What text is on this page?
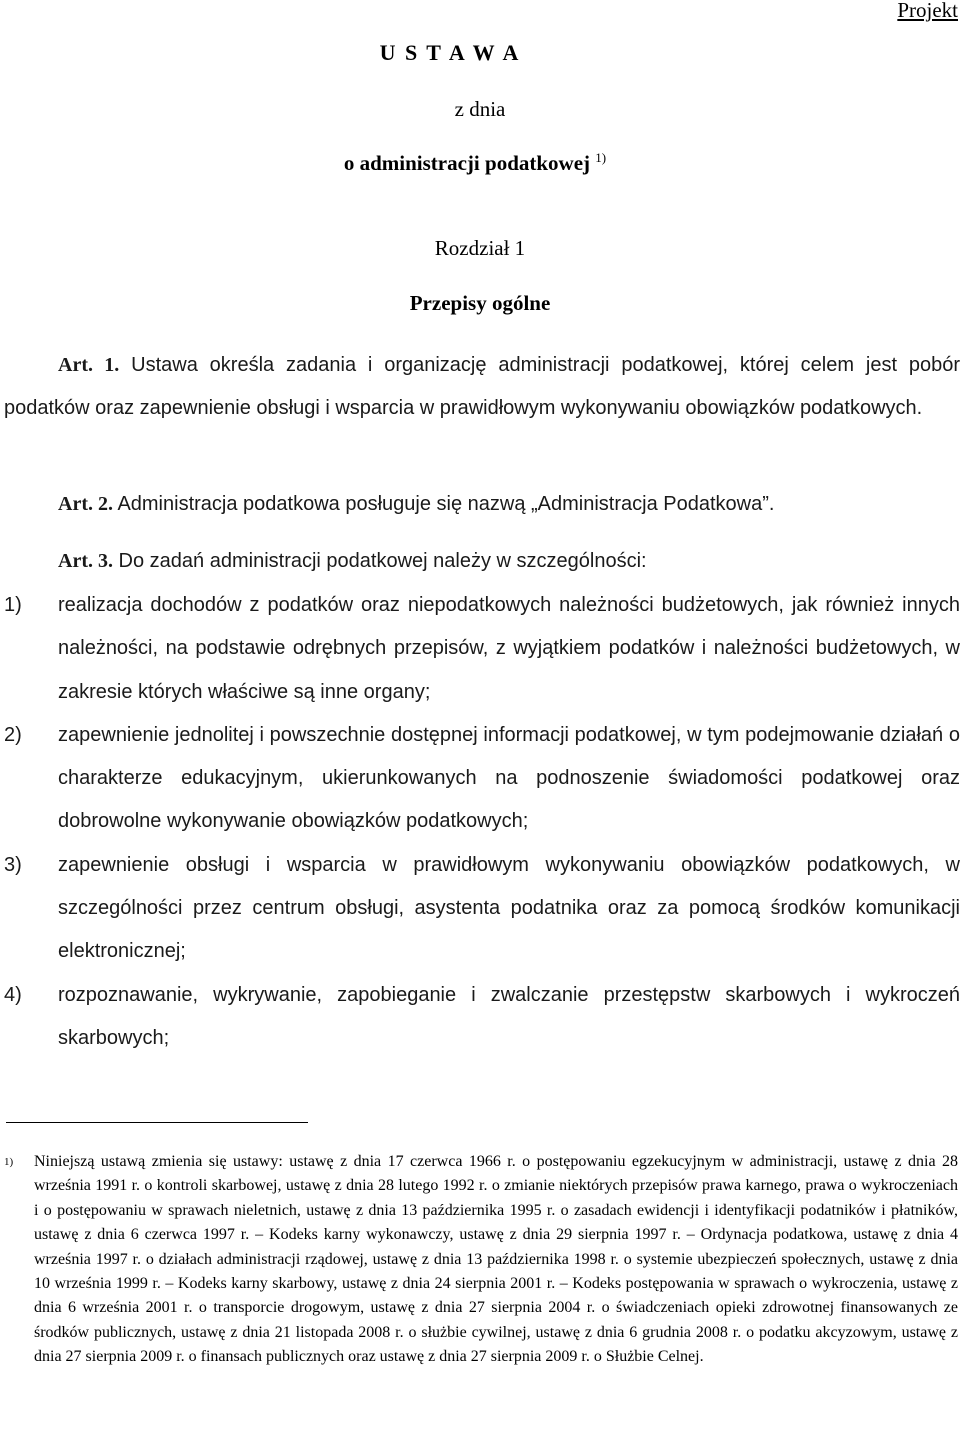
Projekt
U S T A W A
z dnia
o administracji podatkowej $^{1)}$
Rozdział 1
Przepisy ogólne
Art. 1. Ustawa określa zadania i organizację administracji podatkowej, której celem jest pobór podatków oraz zapewnienie obsługi i wsparcia w prawidłowym wykonywaniu obowiązków podatkowych.
Art. 2. Administracja podatkowa posługuje się nazwą „Administracja Podatkowa”.
Art. 3. Do zadań administracji podatkowej należy w szczególności:

1) realizacja dochodów z podatków oraz niepodatkowych należności budżetowych, jak również innych należności, na podstawie odrębnych przepisów, z wyjątkiem podatków i należności budżetowych, w zakresie których właściwe są inne organy;

2) zapewnienie jednolitej i powszechnie dostępnej informacji podatkowej, w tym podejmowanie działań o charakterze edukacyjnym, ukierunkowanych na podnoszenie świadomości podatkowej oraz dobrowolne wykonywanie obowiązków podatkowych;

3) zapewnienie obsługi i wsparcia w prawidłowym wykonywaniu obowiązków podatkowych, w szczególności przez centrum obsługi, asystenta podatnika oraz za pomocą środków komunikacji elektronicznej;

4) rozpoznawanie, wykrywanie, zapobieganie i zwalczanie przestępstw skarbowych i wykroczeń skarbowych;

1) Niniejszą ustawą zmienia się ustawy: ustawę z dnia 17 czerwca 1966 r. o postępowaniu egzekucyjnym w administracji, ustawę z dnia 28 września 1991 r. o kontroli skarbowej, ustawę z dnia 28 lutego 1992 r. o zmianie niektórych przepisów prawa karnego, prawa o wykroczeniach i o postępowaniu w sprawach nieletnich, ustawę z dnia 13 października 1995 r. o zasadach ewidencji i identyfikacji podatników i płatników, ustawę z dnia 6 czerwca 1997 r. – Kodeks karny wykonawczy, ustawę z dnia 29 sierpnia 1997 r. – Ordynacja podatkowa, ustawę z dnia 4 września 1997 r. o działach administracji rządowej, ustawę z dnia 13 października 1998 r. o systemie ubezpieczeń społecznych, ustawę z dnia 10 września 1999 r. – Kodeks karny skarbowy, ustawę z dnia 24 sierpnia 2001 r. – Kodeks postępowania w sprawach o wykroczenia, ustawę z dnia 6 września 2001 r. o transporcie drogowym, ustawę z dnia 27 sierpnia 2004 r. o świadczeniach opieki zdrowotnej finansowanych ze środków publicznych, ustawę z dnia 21 listopada 2008 r. o służbie cywilnej, ustawę z dnia 6 grudnia 2008 r. o podatku akcyzowym, ustawę z dnia 27 sierpnia 2009 r. o finansach publicznych oraz ustawę z dnia 27 sierpnia 2009 r. o Służbie Celnej.
